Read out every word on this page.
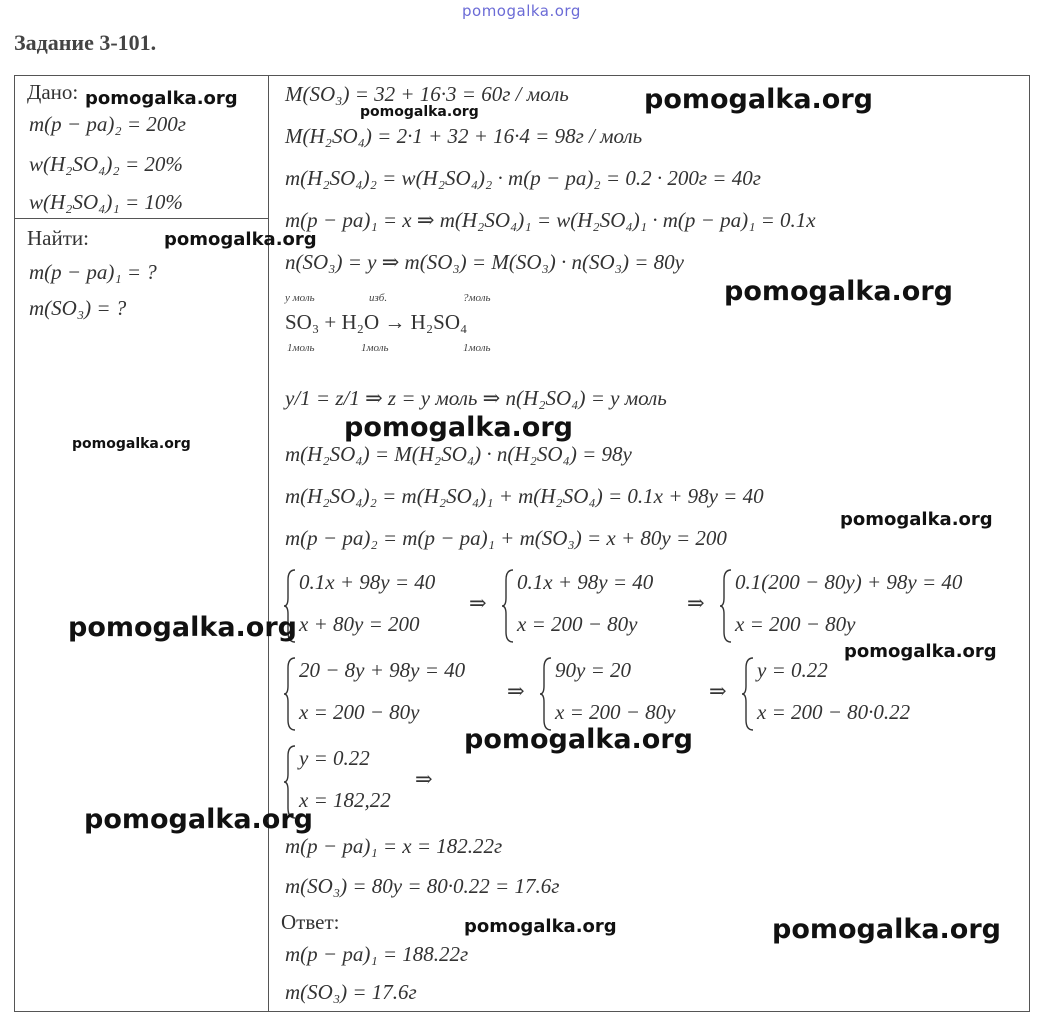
pomogalka.org
Задание 3-101.
Дано:
m(p − pa)₂ = 200г
w(H₂SO₄)₂ = 20%
w(H₂SO₄)₁ = 10%
Найти:
m(p − pa)₁ = ?
m(SO₃) = ?
M(SO₃) = 32 + 16·3 = 60г / моль
M(H₂SO₄) = 2·1 + 32 + 16·4 = 98г / моль
m(H₂SO₄)₂ = w(H₂SO₄)₂ · m(p − pa)₂ = 0.2 · 200г = 40г
m(p − pa)₁ = x ⇒ m(H₂SO₄)₁ = w(H₂SO₄)₁ · m(p − pa)₁ = 0.1x
n(SO₃) = y ⇒ m(SO₃) = M(SO₃) · n(SO₃) = 80y
y моль	изб.	?моль
SO₃ + H₂O → H₂SO₄
1моль	1моль	1моль
y/1 = z/1 ⇒ z = y моль ⇒ n(H₂SO₄) = y моль
m(H₂SO₄) = M(H₂SO₄) · n(H₂SO₄) = 98y
m(H₂SO₄)₂ = m(H₂SO₄)₁ + m(H₂SO₄) = 0.1x + 98y = 40
m(p − pa)₂ = m(p − pa)₁ + m(SO₃) = x + 80y = 200
0.1x + 98y = 40
x + 80y = 200
⇒
0.1x + 98y = 40
x = 200 − 80y
⇒
0.1(200 − 80y) + 98y = 40
x = 200 − 80y
20 − 8y + 98y = 40
x = 200 − 80y
⇒
90y = 20
x = 200 − 80y
⇒
y = 0.22
x = 200 − 80·0.22
y = 0.22
x = 182,22
⇒
m(p − pa)₁ = x = 182.22г
m(SO₃) = 80y = 80·0.22 = 17.6г
Ответ:
m(p − pa)₁ = 188.22г
m(SO₃) = 17.6г
pomogalka.org
pomogalka.org	pomogalka.org
pomogalka.org
pomogalka.org
pomogalka.org
pomogalka.org
pomogalka.org
pomogalka.org
pomogalka.org
pomogalka.org
pomogalka.org
pomogalka.org	pomogalka.org
